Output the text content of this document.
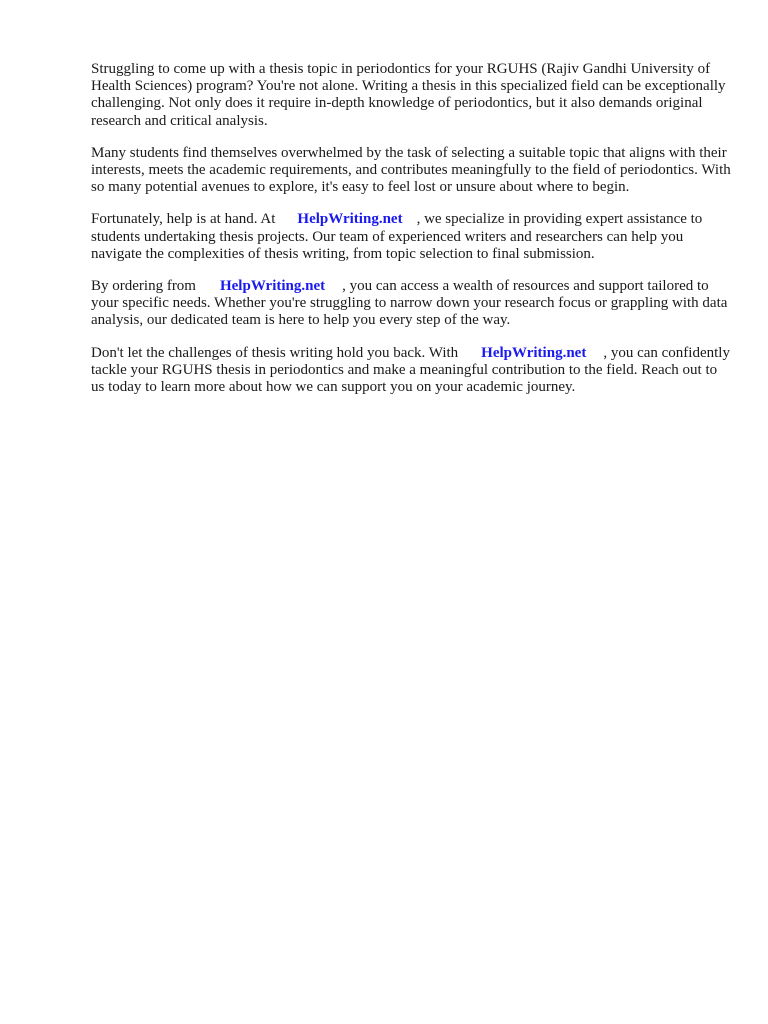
Struggling to come up with a thesis topic in periodontics for your RGUHS (Rajiv Gandhi University of Health Sciences) program? You're not alone. Writing a thesis in this specialized field can be exceptionally challenging. Not only does it require in-depth knowledge of periodontics, but it also demands original research and critical analysis.

Many students find themselves overwhelmed by the task of selecting a suitable topic that aligns with their interests, meets the academic requirements, and contributes meaningfully to the field of periodontics. With so many potential avenues to explore, it's easy to feel lost or unsure about where to begin.

Fortunately, help is at hand. At HelpWriting.net , we specialize in providing expert assistance to students undertaking thesis projects. Our team of experienced writers and researchers can help you navigate the complexities of thesis writing, from topic selection to final submission.

By ordering from HelpWriting.net , you can access a wealth of resources and support tailored to your specific needs. Whether you're struggling to narrow down your research focus or grappling with data analysis, our dedicated team is here to help you every step of the way.

Don't let the challenges of thesis writing hold you back. With HelpWriting.net , you can confidently tackle your RGUHS thesis in periodontics and make a meaningful contribution to the field. Reach out to us today to learn more about how we can support you on your academic journey.
